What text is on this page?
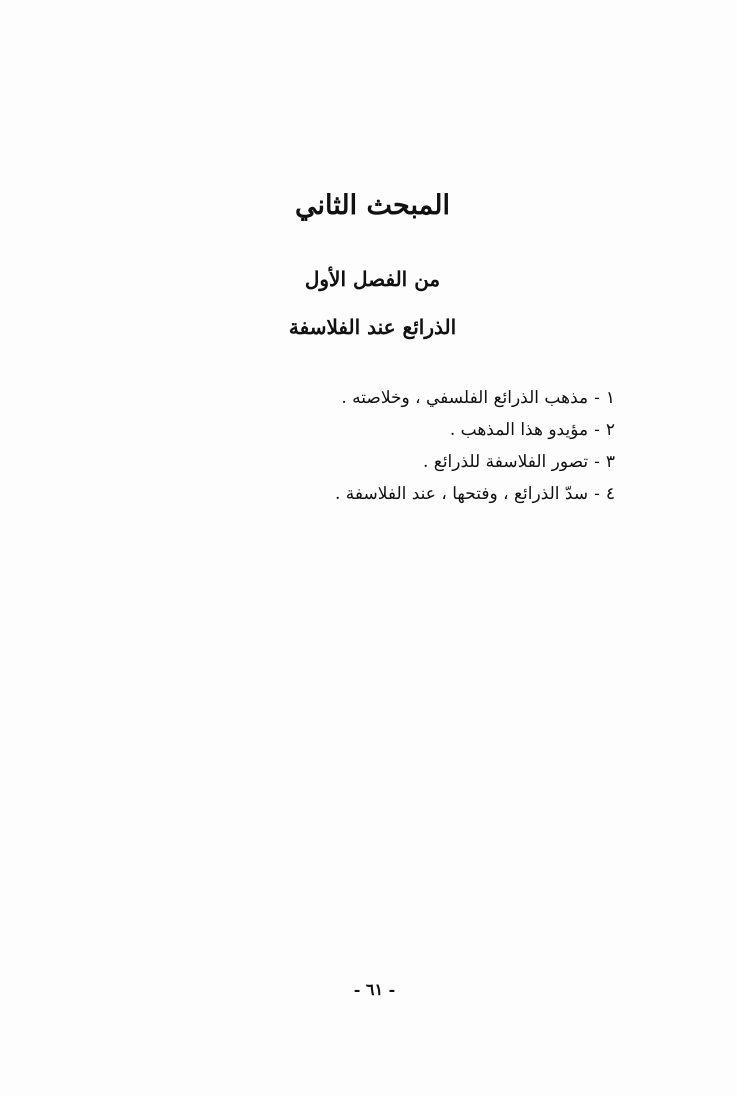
المبحث الثاني
من الفصل الأول
الذرائع عند الفلاسفة
١-مذهب الذرائع الفلسفي ، وخلاصته .
٢-مؤيدو هذا المذهب .
٣-تصور الفلاسفة للذرائع .
٤-سدّ الذرائع ، وفتحها ، عند الفلاسفة .
- ٦١ -
